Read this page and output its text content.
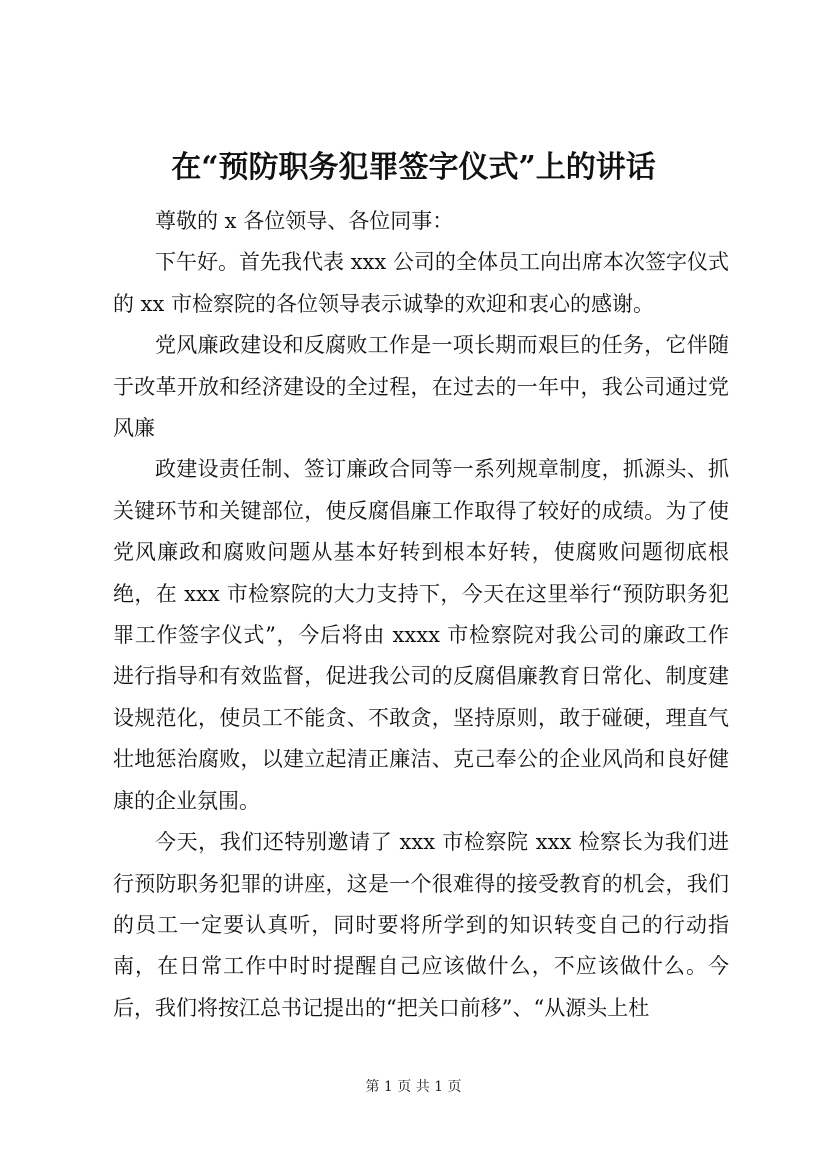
在“预防职务犯罪签字仪式”上的讲话

尊敬的 x 各位领导、各位同事：

下午好。首先我代表 xxx 公司的全体员工向出席本次签字仪式的 xx 市检察院的各位领导表示诚挚的欢迎和衷心的感谢。

党风廉政建设和反腐败工作是一项长期而艰巨的任务，它伴随于改革开放和经济建设的全过程，在过去的一年中，我公司通过党风廉

政建设责任制、签订廉政合同等一系列规章制度，抓源头、抓关键环节和关键部位，使反腐倡廉工作取得了较好的成绩。为了使党风廉政和腐败问题从基本好转到根本好转，使腐败问题彻底根绝，在 xxx 市检察院的大力支持下，今天在这里举行“预防职务犯罪工作签字仪式”，今后将由 xxxx 市检察院对我公司的廉政工作进行指导和有效监督，促进我公司的反腐倡廉教育日常化、制度建设规范化，使员工不能贪、不敢贪，坚持原则，敢于碰硬，理直气壮地惩治腐败，以建立起清正廉洁、克己奉公的企业风尚和良好健康的企业氛围。

今天，我们还特别邀请了 xxx 市检察院 xxx 检察长为我们进行预防职务犯罪的讲座，这是一个很难得的接受教育的机会，我们的员工一定要认真听，同时要将所学到的知识转变自己的行动指南，在日常工作中时时提醒自己应该做什么，不应该做什么。今后，我们将按江总书记提出的“把关口前移”、“从源头上杜

第 1 页 共 1 页
